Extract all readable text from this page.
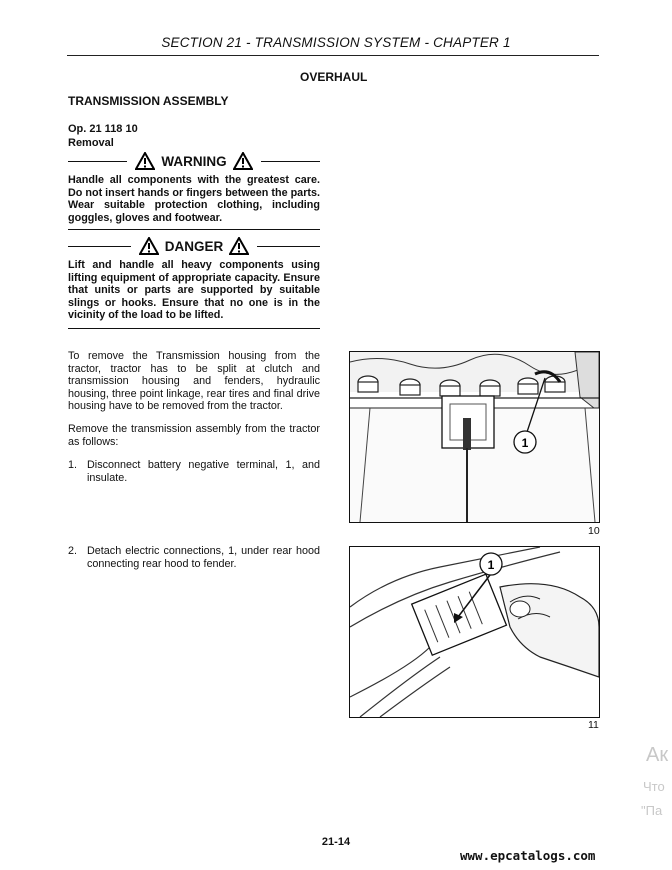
SECTION 21 - TRANSMISSION SYSTEM - CHAPTER 1
OVERHAUL
TRANSMISSION ASSEMBLY
Op. 21 118 10
Removal
WARNING
Handle all components with the greatest care. Do not insert hands or fingers between the parts. Wear suitable protection clothing, including goggles, gloves and footwear.
DANGER
Lift and handle all heavy components using lifting equipment of appropriate capacity. Ensure that units or parts are supported by suitable slings or hooks. Ensure that no one is in the vicinity of the load to be lifted.
To remove the Transmission housing from the tractor, tractor has to be split at clutch and transmission housing and fenders, hydraulic housing, three point linkage, rear tires and final drive housing have to be removed from the tractor.
Remove the transmission assembly from the tractor as follows:
1. Disconnect battery negative terminal, 1, and insulate.
2. Detach electric connections, 1, under rear hood connecting rear hood to fender.
1
10
1
11
Ак
Что
"Па
21-14
www.epcatalogs.com
